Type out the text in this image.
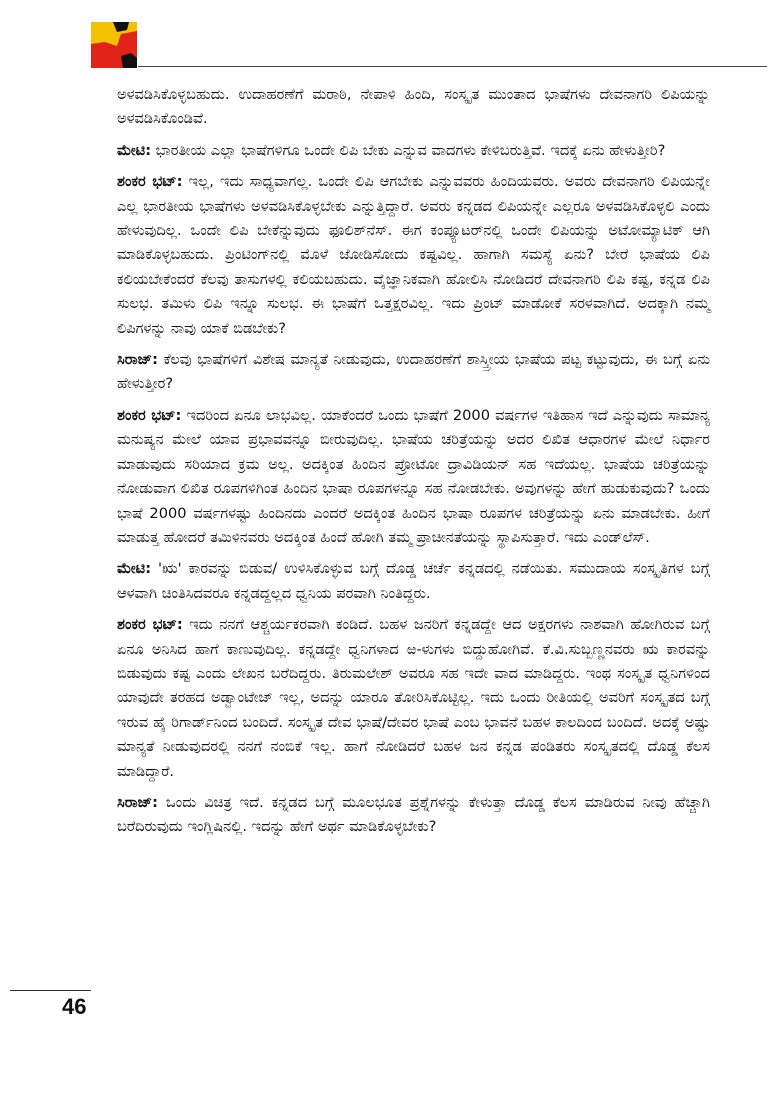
ಅಳವಡಿಸಿಕೊಳ್ಳಬಹುದು. ಉದಾಹರಣೆಗೆ ಮರಾಠಿ, ನೇಪಾಳಿ ಹಿಂದಿ, ಸಂಸ್ಕೃತ ಮುಂತಾದ ಭಾಷೆಗಳು ದೇವನಾಗರಿ ಲಿಪಿಯನ್ನು ಅಳವಡಿಸಿಕೊಂಡಿವೆ.

ಮೇಟಿ: ಭಾರತೀಯ ಎಲ್ಲಾ ಭಾಷೆಗಳಿಗೂ ಒಂದೇ ಲಿಪಿ ಬೇಕು ಎನ್ನುವ ವಾದಗಳು ಕೇಳಿಬರುತ್ತಿವೆ. ಇದಕ್ಕೆ ಏನು ಹೇಳುತ್ತೀರಿ?

ಶಂಕರ ಭಟ್: ಇಲ್ಲ, ಇದು ಸಾಧ್ಯವಾಗಲ್ಲ. ಒಂದೇ ಲಿಪಿ ಆಗಬೇಕು ಎನ್ನುವವರು ಹಿಂದಿಯವರು. ಅವರು ದೇವನಾಗರಿ ಲಿಪಿಯನ್ನೇ ಎಲ್ಲ ಭಾರತೀಯ ಭಾಷೆಗಳು ಅಳವಡಿಸಿಕೊಳ್ಳಬೇಕು ಎನ್ನುತ್ತಿದ್ದಾರೆ. ಅವರು ಕನ್ನಡದ ಲಿಪಿಯನ್ನೇ ಎಲ್ಲರೂ ಅಳವಡಿಸಿಕೊಳ್ಳಲಿ ಎಂದು ಹೇಳುವುದಿಲ್ಲ. ಒಂದೇ ಲಿಪಿ ಬೇಕೆನ್ನುವುದು ಫೂಲಿಶ್‌ನೆಸ್. ಈಗ ಕಂಪ್ಯೂಟರ್‌ನಲ್ಲಿ ಒಂದೇ ಲಿಪಿಯನ್ನು ಅಟೋಮ್ಯಾಟಿಕ್ ಆಗಿ ಮಾಡಿಕೊಳ್ಳಬಹುದು. ಪ್ರಿಂಟಿಂಗ್‌ನಲ್ಲಿ ಮೊಳೆ ಜೋಡಿಸೋದು ಕಷ್ಟವಿಲ್ಲ. ಹಾಗಾಗಿ ಸಮಸ್ಯೆ ಏನು? ಬೇರೆ ಭಾಷೆಯ ಲಿಪಿ ಕಲಿಯಬೇಕೆಂದರೆ ಕೆಲವು ತಾಸುಗಳಲ್ಲಿ ಕಲಿಯಬಹುದು. ವೈಜ್ಞಾನಿಕವಾಗಿ ಹೋಲಿಸಿ ನೋಡಿದರೆ ದೇವನಾಗರಿ ಲಿಪಿ ಕಷ್ಟ, ಕನ್ನಡ ಲಿಪಿ ಸುಲಭ. ತಮಿಳು ಲಿಪಿ ಇನ್ನೂ ಸುಲಭ. ಈ ಭಾಷೆಗೆ ಒತ್ತಕ್ಷರವಿಲ್ಲ. ಇದು ಪ್ರಿಂಟ್ ಮಾಡೋಕೆ ಸರಳವಾಗಿದೆ. ಅದಕ್ಕಾಗಿ ನಮ್ಮ ಲಿಪಿಗಳನ್ನು ನಾವು ಯಾಕೆ ಬಿಡಬೇಕು?

ಸಿರಾಜ್: ಕೆಲವು ಭಾಷೆಗಳಿಗೆ ವಿಶೇಷ ಮಾನ್ಯತೆ ನೀಡುವುದು, ಉದಾಹರಣೆಗೆ ಶಾಸ್ತ್ರೀಯ ಭಾಷೆಯ ಪಟ್ಟ ಕಟ್ಟುವುದು, ಈ ಬಗ್ಗೆ ಏನು ಹೇಳುತ್ತೀರ?

ಶಂಕರ ಭಟ್: ಇದರಿಂದ ಏನೂ ಲಾಭವಿಲ್ಲ. ಯಾಕೆಂದರೆ ಒಂದು ಭಾಷೆಗೆ 2000 ವರ್ಷಗಳ ಇತಿಹಾಸ ಇದೆ ಎನ್ನುವುದು ಸಾಮಾನ್ಯ ಮನುಷ್ಯನ ಮೇಲೆ ಯಾವ ಪ್ರಭಾವವನ್ನೂ ಬೀರುವುದಿಲ್ಲ. ಭಾಷೆಯ ಚರಿತ್ರೆಯನ್ನು ಅದರ ಲಿಖಿತ ಆಧಾರಗಳ ಮೇಲೆ ನಿರ್ಧಾರ ಮಾಡುವುದು ಸರಿಯಾದ ಕ್ರಮ ಅಲ್ಲ. ಅದಕ್ಕಿಂತ ಹಿಂದಿನ ಪ್ರೋಟೋ ದ್ರಾವಿಡಿಯನ್ ಸಹ ಇದೆಯಲ್ಲ. ಭಾಷೆಯ ಚರಿತ್ರೆಯನ್ನು ನೋಡುವಾಗ ಲಿಖಿತ ರೂಪಗಳಿಗಿಂತ ಹಿಂದಿನ ಭಾಷಾ ರೂಪಗಳನ್ನೂ ಸಹ ನೋಡಬೇಕು. ಅವುಗಳನ್ನು ಹೇಗೆ ಹುಡುಕುವುದು? ಒಂದು ಭಾಷೆ 2000 ವರ್ಷಗಳಷ್ಟು ಹಿಂದಿನದು ಎಂದರೆ ಅದಕ್ಕಿಂತ ಹಿಂದಿನ ಭಾಷಾ ರೂಪಗಳ ಚರಿತ್ರೆಯನ್ನು ಏನು ಮಾಡಬೇಕು. ಹೀಗೆ ಮಾಡುತ್ತ ಹೋದರೆ ತಮಿಳಿನವರು ಅದಕ್ಕಿಂತ ಹಿಂದೆ ಹೋಗಿ ತಮ್ಮ ಪ್ರಾಚೀನತೆಯನ್ನು ಸ್ಥಾಪಿಸುತ್ತಾರೆ. ಇದು ಎಂಡ್‌ಲೆಸ್.

ಮೇಟಿ: 'ಋ' ಕಾರವನ್ನು ಬಿಡುವ/ ಉಳಿಸಿಕೊಳ್ಳುವ ಬಗ್ಗೆ ದೊಡ್ಡ ಚರ್ಚೆ ಕನ್ನಡದಲ್ಲಿ ನಡೆಯಿತು. ಸಮುದಾಯ ಸಂಸ್ಕೃತಿಗಳ ಬಗ್ಗೆ ಆಳವಾಗಿ ಚಿಂತಿಸಿದವರೂ ಕನ್ನಡದ್ದಲ್ಲದ ಧ್ವನಿಯ ಪರವಾಗಿ ನಿಂತಿದ್ದರು.

ಶಂಕರ ಭಟ್: ಇದು ನನಗೆ ಆಶ್ಚರ್ಯಕರವಾಗಿ ಕಂಡಿದೆ. ಬಹಳ ಜನರಿಗೆ ಕನ್ನಡದ್ದೇ ಆದ ಅಕ್ಷರಗಳು ನಾಶವಾಗಿ ಹೋಗಿರುವ ಬಗ್ಗೆ ಏನೂ ಅನಿಸಿದ ಹಾಗೆ ಕಾಣುವುದಿಲ್ಲ. ಕನ್ನಡದ್ದೇ ಧ್ವನಿಗಳಾದ ಱ-ಳುಗಳು ಬಿದ್ದುಹೋಗಿವೆ. ಕೆ.ವಿ.ಸುಬ್ಬಣ್ಣನವರು ಋ ಕಾರವನ್ನು ಬಿಡುವುದು ಕಷ್ಟ ಎಂದು ಲೇಖನ ಬರೆದಿದ್ದರು. ತಿರುಮಲೇಶ್ ಅವರೂ ಸಹ ಇದೇ ವಾದ ಮಾಡಿದ್ದರು. ಇಂಥ ಸಂಸ್ಕೃತ ಧ್ವನಿಗಳಿಂದ ಯಾವುದೇ ತರಹದ ಅಡ್ವಾಂಟೇಜ್ ಇಲ್ಲ, ಅದನ್ನು ಯಾರೂ ತೋರಿಸಿಕೊಟ್ಟಿಲ್ಲ. ಇದು ಒಂದು ರೀತಿಯಲ್ಲಿ ಅವರಿಗೆ ಸಂಸ್ಕೃತದ ಬಗ್ಗೆ ಇರುವ ಹೈ ರಿಗಾರ್ಡ್‌ನಿಂದ ಬಂದಿದೆ. ಸಂಸ್ಕೃತ ದೇವ ಭಾಷೆ/ದೇವರ ಭಾಷೆ ಎಂಬ ಭಾವನೆ ಬಹಳ ಕಾಲದಿಂದ ಬಂದಿದೆ. ಅದಕ್ಕೆ ಅಷ್ಟು ಮಾನ್ಯತೆ ನೀಡುವುದರಲ್ಲಿ ನನಗೆ ನಂಬಿಕೆ ಇಲ್ಲ. ಹಾಗೆ ನೋಡಿದರೆ ಬಹಳ ಜನ ಕನ್ನಡ ಪಂಡಿತರು ಸಂಸ್ಕೃತದಲ್ಲಿ ದೊಡ್ಡ ಕೆಲಸ ಮಾಡಿದ್ದಾರೆ.

ಸಿರಾಜ್: ಒಂದು ವಿಚಿತ್ರ ಇದೆ. ಕನ್ನಡದ ಬಗ್ಗೆ ಮೂಲಭೂತ ಪ್ರಶ್ನೆಗಳನ್ನು ಕೇಳುತ್ತಾ ದೊಡ್ಡ ಕೆಲಸ ಮಾಡಿರುವ ನೀವು ಹೆಚ್ಚಾಗಿ ಬರೆದಿರುವುದು ಇಂಗ್ಲಿಷಿನಲ್ಲಿ. ಇದನ್ನು ಹೇಗೆ ಅರ್ಥ ಮಾಡಿಕೊಳ್ಳಬೇಕು?

46
